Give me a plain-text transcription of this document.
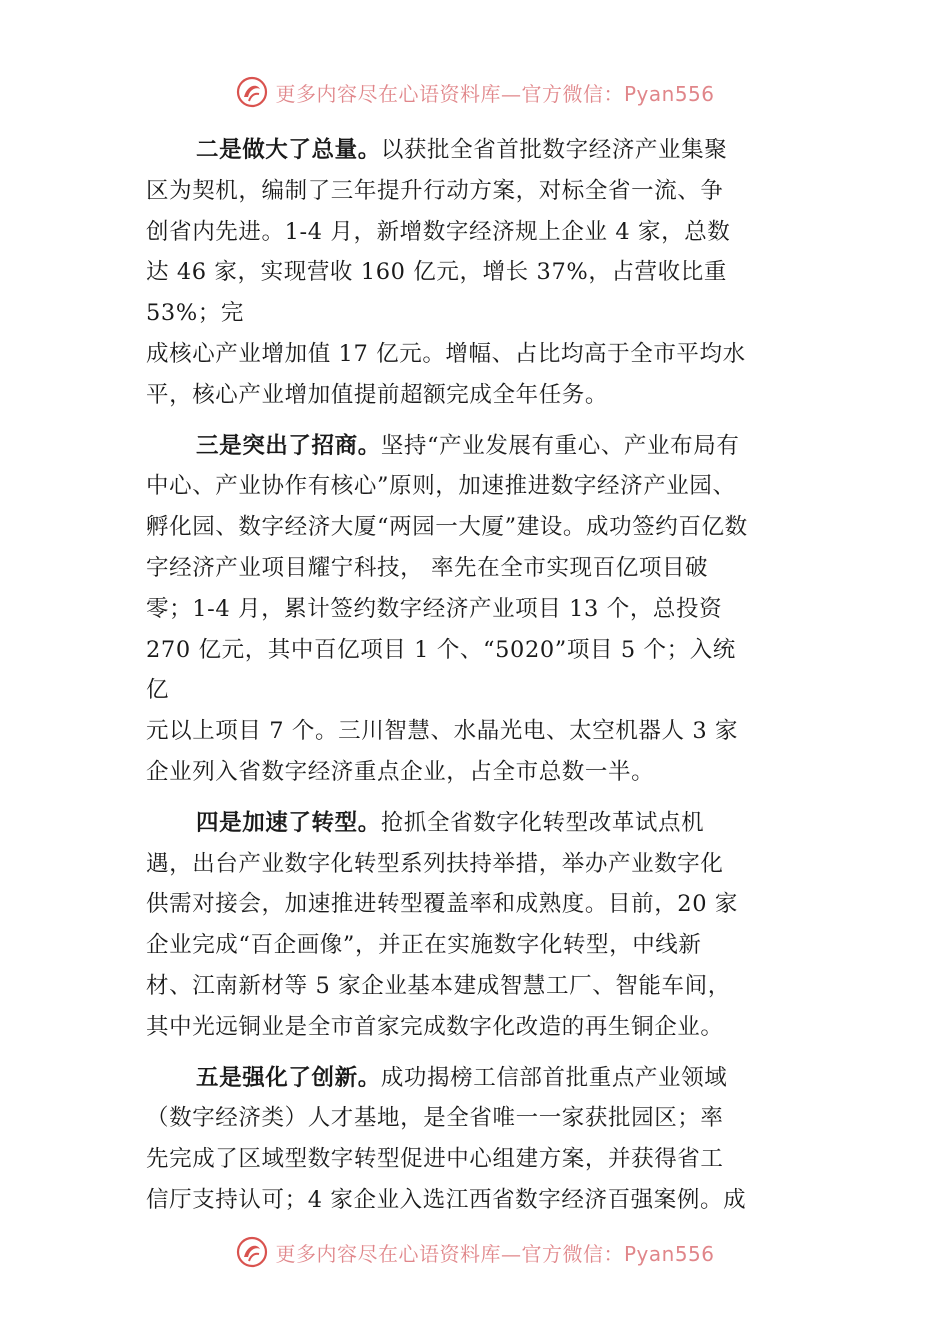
更多内容尽在心语资料库—官方微信：Pyan556
二是做大了总量。以获批全省首批数字经济产业集聚
区为契机，编制了三年提升行动方案，对标全省一流、争
创省内先进。1-4 月，新增数字经济规上企业 4 家，总数
达 46 家，实现营收 160 亿元，增长 37%，占营收比重
53%；完
成核心产业增加值 17 亿元。增幅、占比均高于全市平均水
平，核心产业增加值提前超额完成全年任务。
三是突出了招商。坚持“产业发展有重心、产业布局有
中心、产业协作有核心”原则，加速推进数字经济产业园、
孵化园、数字经济大厦“两园一大厦”建设。成功签约百亿数
字经济产业项目耀宁科技， 率先在全市实现百亿项目破
零；1-4 月，累计签约数字经济产业项目 13 个，总投资
270 亿元，其中百亿项目 1 个、“5020”项目 5 个；入统
亿
元以上项目 7 个。三川智慧、水晶光电、太空机器人 3 家
企业列入省数字经济重点企业，占全市总数一半。
四是加速了转型。抢抓全省数字化转型改革试点机
遇，出台产业数字化转型系列扶持举措，举办产业数字化
供需对接会，加速推进转型覆盖率和成熟度。目前，20 家
企业完成“百企画像”，并正在实施数字化转型，中线新
材、江南新材等 5 家企业基本建成智慧工厂、智能车间，
其中光远铜业是全市首家完成数字化改造的再生铜企业。
五是强化了创新。成功揭榜工信部首批重点产业领域
（数字经济类）人才基地，是全省唯一一家获批园区；率
先完成了区域型数字转型促进中心组建方案，并获得省工
信厅支持认可；4 家企业入选江西省数字经济百强案例。成
更多内容尽在心语资料库—官方微信：Pyan556
